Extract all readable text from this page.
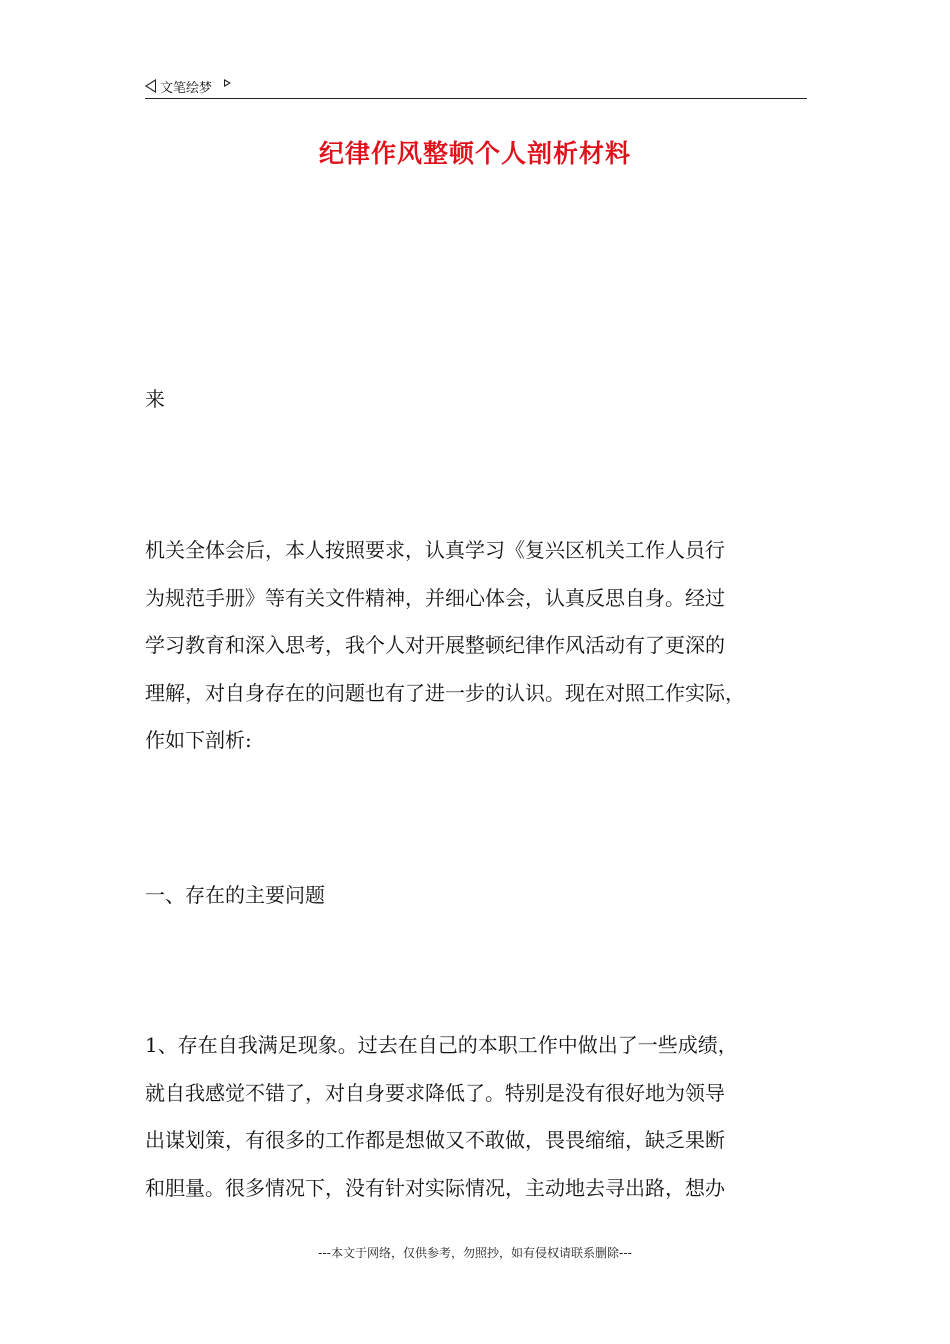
文笔绘梦
纪律作风整顿个人剖析材料

来

机关全体会后，本人按照要求，认真学习《复兴区机关工作人员行
为规范手册》等有关文件精神，并细心体会，认真反思自身。经过
学习教育和深入思考，我个人对开展整顿纪律作风活动有了更深的
理解，对自身存在的问题也有了进一步的认识。现在对照工作实际，
作如下剖析:

一、存在的主要问题

1、存在自我满足现象。过去在自己的本职工作中做出了一些成绩，
就自我感觉不错了，对自身要求降低了。特别是没有很好地为领导
出谋划策，有很多的工作都是想做又不敢做，畏畏缩缩，缺乏果断
和胆量。很多情况下，没有针对实际情况，主动地去寻出路，想办

---本文于网络，仅供参考，勿照抄，如有侵权请联系删除---
